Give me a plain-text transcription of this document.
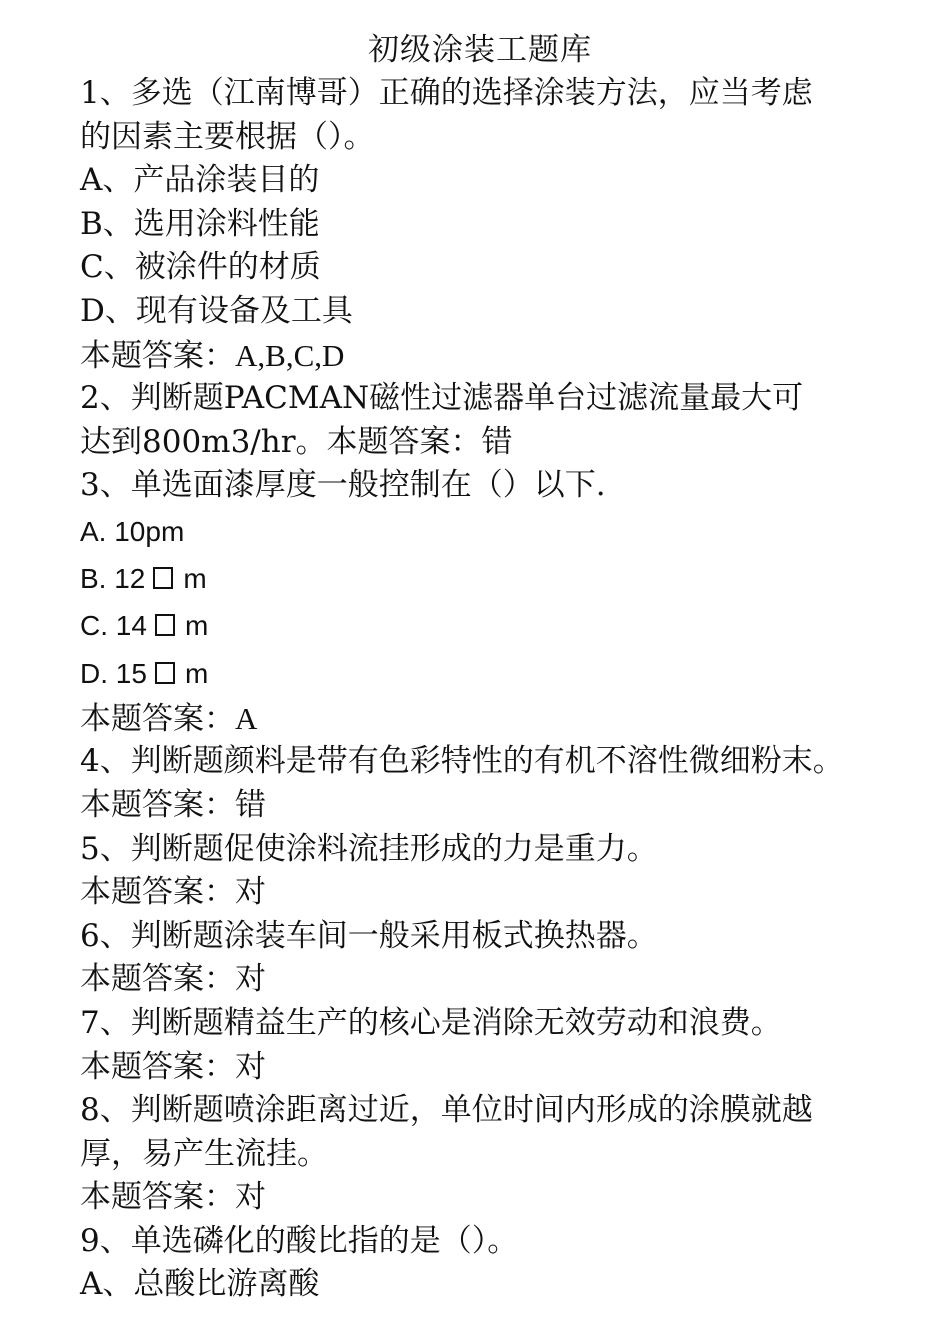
初级涂装工题库
1、多选（江南博哥）正确的选择涂装方法，应当考虑
的因素主要根据（）。
A、产品涂装目的
B、选用涂料性能
C、被涂件的材质
D、现有设备及工具
本题答案：A,B,C,D
2、判断题PACMAN磁性过滤器单台过滤流量最大可
达到800m3/hr。本题答案：错
3、单选面漆厚度一般控制在（）以下.
A. 10pm
B. 12 m
C. 14 m
D. 15 m
本题答案：A
4、判断题颜料是带有色彩特性的有机不溶性微细粉末。
本题答案：错
5、判断题促使涂料流挂形成的力是重力。
本题答案：对
6、判断题涂装车间一般采用板式换热器。
本题答案：对
7、判断题精益生产的核心是消除无效劳动和浪费。
本题答案：对
8、判断题喷涂距离过近，单位时间内形成的涂膜就越
厚，易产生流挂。
本题答案：对
9、单选磷化的酸比指的是（）。
A、总酸比游离酸
